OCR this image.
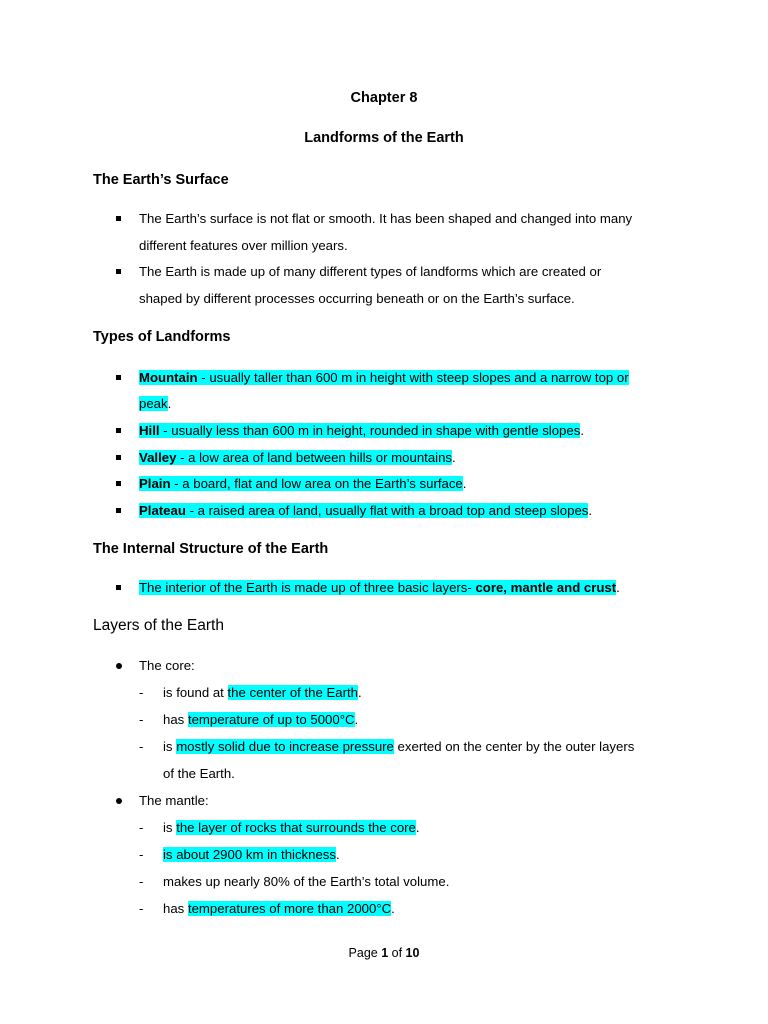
Chapter 8
Landforms of the Earth
The Earth’s Surface
The Earth’s surface is not flat or smooth. It has been shaped and changed into many
different features over million years.
The Earth is made up of many different types of landforms which are created or
shaped by different processes occurring beneath or on the Earth’s surface.
Types of Landforms
Mountain - usually taller than 600 m in height with steep slopes and a narrow top or
peak.
Hill - usually less than 600 m in height, rounded in shape with gentle slopes.
Valley - a low area of land between hills or mountains.
Plain - a board, flat and low area on the Earth’s surface.
Plateau - a raised area of land, usually flat with a broad top and steep slopes.
The Internal Structure of the Earth
The interior of the Earth is made up of three basic layers- core, mantle and crust.
Layers of the Earth
The core:
- is found at the center of the Earth.
- has temperature of up to 5000°C.
- is mostly solid due to increase pressure exerted on the center by the outer layers
of the Earth.
The mantle:
- is the layer of rocks that surrounds the core.
- is about 2900 km in thickness.
- makes up nearly 80% of the Earth’s total volume.
- has temperatures of more than 2000°C.
Page 1 of 10
